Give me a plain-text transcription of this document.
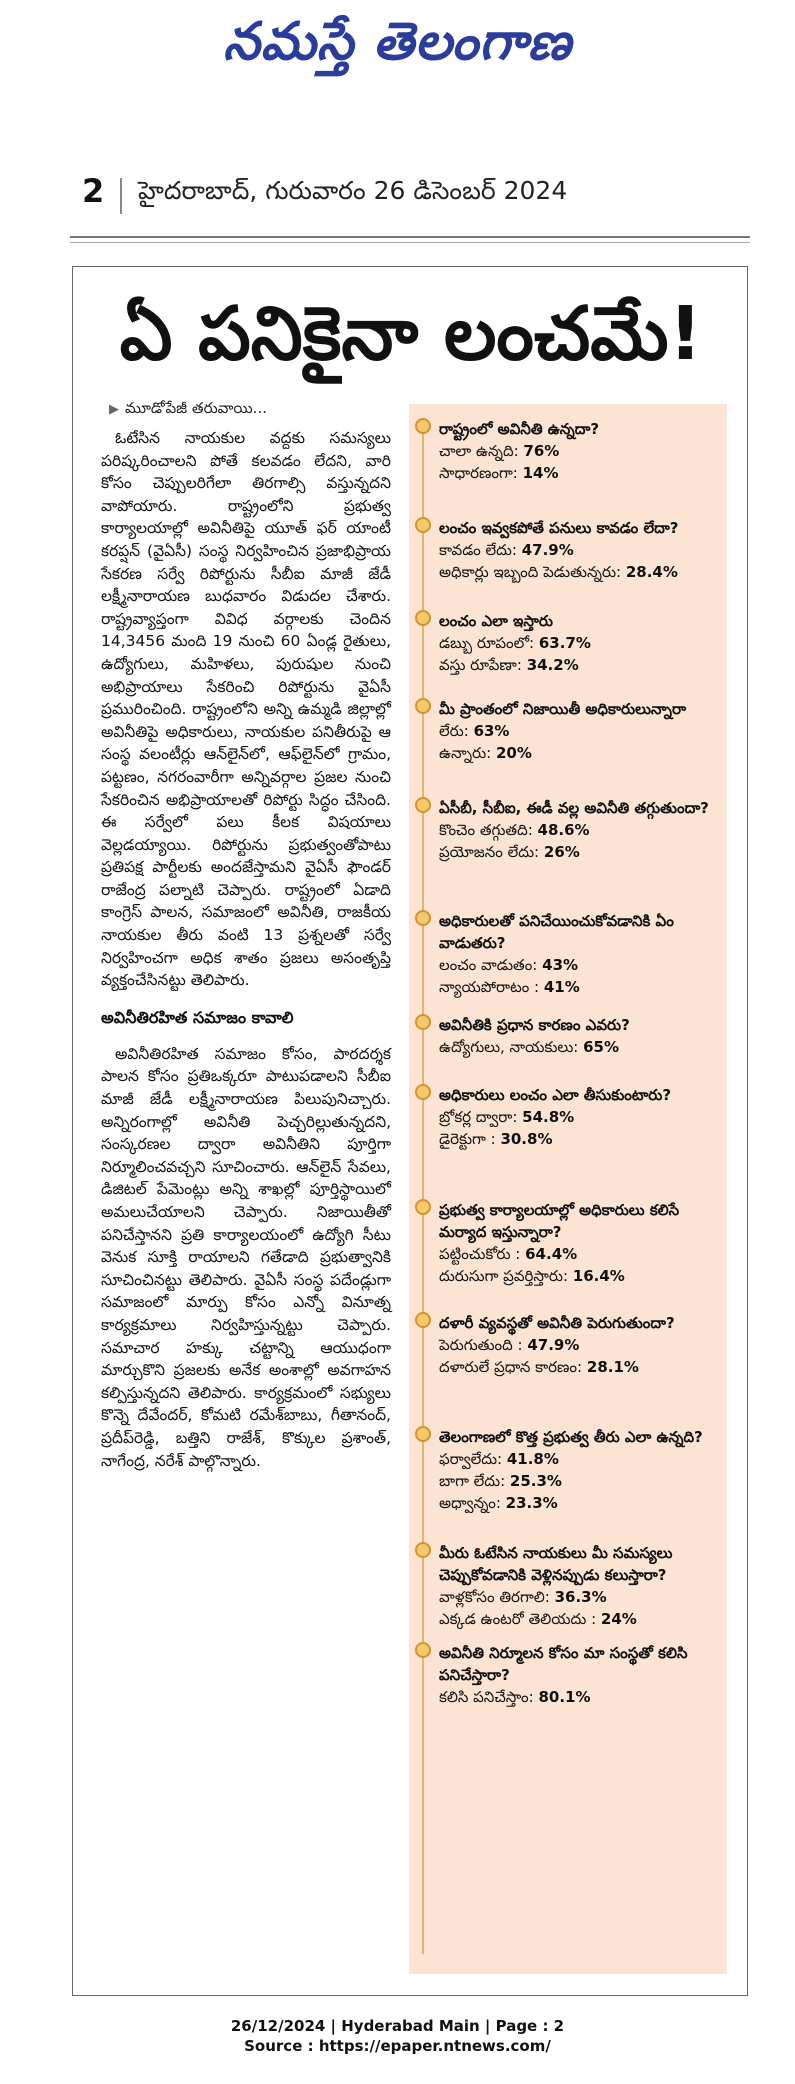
నమస్తే తెలంగాణ
2 హైదరాబాద్, గురువారం 26 డిసెంబర్ 2024
ఏ పనికైనా లంచమే!
▶ మూడోపేజీ తరువాయి...

ఓటేసిన నాయకుల వద్దకు సమస్యలు పరిష్కరించాలని పోతే కలవడం లేదని, వారి కోసం చెప్పులరిగేలా తిరగాల్సి వస్తున్నదని వాపోయారు. రాష్ట్రంలోని ప్రభుత్వ కార్యాలయాల్లో అవినీతిపై యూత్ ఫర్ యాంటీ కరప్షన్ (వైఏసీ) సంస్థ నిర్వహించిన ప్రజాభిప్రాయ సేకరణ సర్వే రిపోర్టును సీబీఐ మాజీ జేడీ లక్ష్మీనారాయణ బుధవారం విడుదల చేశారు. రాష్ట్రవ్యాప్తంగా వివిధ వర్గాలకు చెందిన 14,3456 మంది 19 నుంచి 60 ఏండ్ల రైతులు, ఉద్యోగులు, మహిళలు, పురుషుల నుంచి అభిప్రాయాలు సేకరించి రిపోర్టును వైఏసీ ప్రమురించింది. రాష్ట్రంలోని అన్ని ఉమ్మడి జిల్లాల్లో అవినీతిపై అధికారులు, నాయకుల పనితీరుపై ఆ సంస్థ వలంటీర్లు ఆన్‌లైన్‌లో, ఆఫ్‌లైన్‌లో గ్రామం, పట్టణం, నగరంవారీగా అన్నివర్గాల ప్రజల నుంచి సేకరించిన అభిప్రాయాలతో రిపోర్టు సిద్ధం చేసింది. ఈ సర్వేలో పలు కీలక విషయాలు వెల్లడయ్యాయి. రిపోర్టును ప్రభుత్వంతోపాటు ప్రతిపక్ష పార్టీలకు అందజేస్తామని వైఏసీ ఫౌండర్ రాజేంద్ర పల్నాటి చెప్పారు. రాష్ట్రంలో ఏడాది కాంగ్రెస్ పాలన, సమాజంలో అవినీతి, రాజకీయ నాయకుల తీరు వంటి 13 ప్రశ్నలతో సర్వే నిర్వహించగా అధిక శాతం ప్రజలు అసంతృప్తి వ్యక్తంచేసినట్టు తెలిపారు.

అవినీతిరహిత సమాజం కావాలి

అవినీతిరహిత సమాజం కోసం, పారదర్శక పాలన కోసం ప్రతిఒక్కరూ పాటుపడాలని సీబీఐ మాజీ జేడీ లక్ష్మీనారాయణ పిలుపునిచ్చారు. అన్నిరంగాల్లో అవినీతి పెచ్చరిల్లుతున్నదని, సంస్కరణల ద్వారా అవినీతిని పూర్తిగా నిర్మూలించవచ్చని సూచించారు. ఆన్‌లైన్ సేవలు, డిజిటల్ పేమెంట్లు అన్ని శాఖల్లో పూర్తిస్థాయిలో అమలుచేయాలని చెప్పారు. నిజాయితీతో పనిచేస్తానని ప్రతి కార్యాలయంలో ఉద్యోగి సీటు వెనుక సూక్తి రాయాలని గతేడాది ప్రభుత్వానికి సూచించినట్టు తెలిపారు. వైఏసీ సంస్థ పదేండ్లుగా సమాజంలో మార్పు కోసం ఎన్నో వినూత్న కార్యక్రమాలు నిర్వహిస్తున్నట్టు చెప్పారు. సమాచార హక్కు చట్టాన్ని ఆయుధంగా మార్చుకొని ప్రజలకు అనేక అంశాల్లో అవగాహన కల్పిస్తున్నదని తెలిపారు. కార్యక్రమంలో సభ్యులు కొన్నె దేవేందర్, కోమటి రమేశ్‌బాబు, గీతానంద్, ప్రదీప్‌రెడ్డి, బత్తిని రాజేశ్, కొక్కుల ప్రశాంత్, నాగేంద్ర, నరేశ్ పాల్గొన్నారు.

రాష్ట్రంలో అవినీతి ఉన్నదా?
చాలా ఉన్నది: 76%
సాధారణంగా: 14%
లంచం ఇవ్వకపోతే పనులు కావడం లేదా?
కావడం లేదు: 47.9%
అధికార్లు ఇబ్బంది పెడుతున్నరు: 28.4%
లంచం ఎలా ఇస్తారు
డబ్బు రూపంలో: 63.7%
వస్తు రూపేణా: 34.2%
మీ ప్రాంతంలో నిజాయితీ అధికారులున్నారా
లేరు: 63%
ఉన్నారు: 20%
ఏసీబీ, సీబీఐ, ఈడీ వల్ల అవినీతి తగ్గుతుందా?
కొంచెం తగ్గుతది: 48.6%
ప్రయోజనం లేదు: 26%
అధికారులతో పనిచేయించుకోవడానికి ఏం వాడుతరు?
లంచం వాడుతం: 43%
న్యాయపోరాటం : 41%
అవినీతికి ప్రధాన కారణం ఎవరు?
ఉద్యోగులు, నాయకులు: 65%
అధికారులు లంచం ఎలా తీసుకుంటారు?
బ్రోకర్ల ద్వారా: 54.8%
డైరెక్టుగా : 30.8%
ప్రభుత్వ కార్యాలయాల్లో అధికారులు కలిసే మర్యాద ఇస్తున్నారా?
పట్టించుకోరు : 64.4%
దురుసుగా ప్రవర్తిస్తారు: 16.4%
దళారీ వ్యవస్థతో అవినీతి పెరుగుతుందా?
పెరుగుతుంది : 47.9%
దళారులే ప్రధాన కారణం: 28.1%
తెలంగాణలో కొత్త ప్రభుత్వ తీరు ఎలా ఉన్నది?
ఫర్వాలేదు: 41.8%
బాగా లేదు: 25.3%
అధ్వాన్నం: 23.3%
మీరు ఓటేసిన నాయకులు మీ సమస్యలు చెప్పుకోవడానికి వెళ్లినప్పుడు కలుస్తారా?
వాళ్లకోసం తిరగాలి: 36.3%
ఎక్కడ ఉంటరో తెలియదు : 24%
అవినీతి నిర్మూలన కోసం మా సంస్థతో కలిసి పనిచేస్తారా?
కలిసి పనిచేస్తాం: 80.1%
26/12/2024 | Hyderabad Main | Page : 2
Source : https://epaper.ntnews.com/
